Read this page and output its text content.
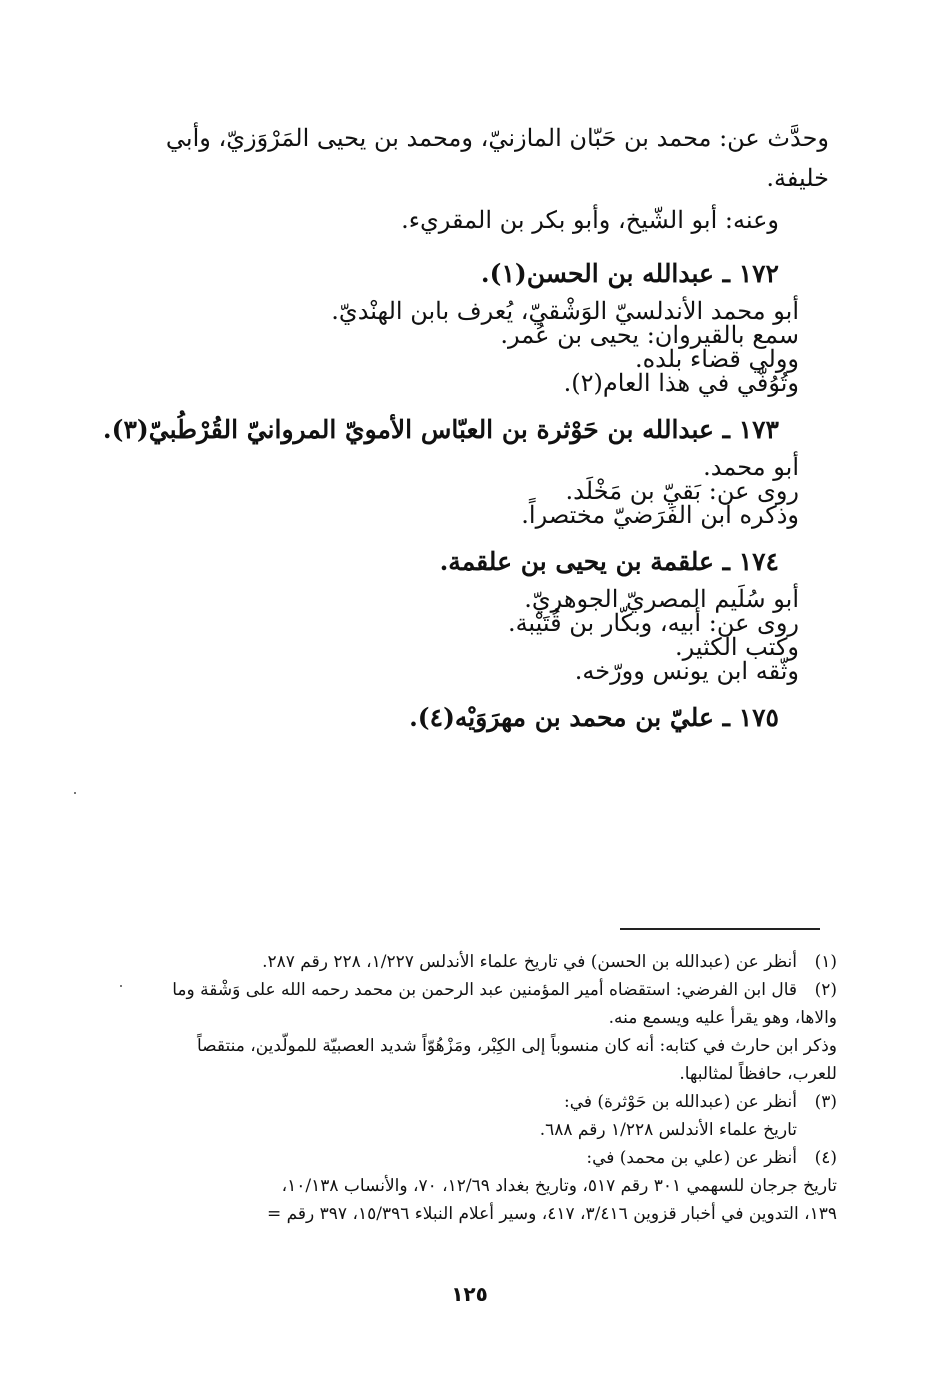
وحدَّث عن: محمد بن حَبّان المازنيّ، ومحمد بن يحيى المَرْوَزيّ، وأبي خليفة.
وعنه: أبو الشّيخ، وأبو بكر بن المقريء.
١٧٢ ـ عبدالله بن الحسن(١).
أبو محمد الأندلسيّ الوَشْقيّ، يُعرف بابن الهنْديّ.
سمع بالقيروان: يحيى بن عُمر.
وولي قضاء بلده.
وتُوُفّي في هذا العام(٢).
١٧٣ ـ عبدالله بن حَوْثرة بن العبّاس الأمويّ المروانيّ القُرْطُبيّ(٣).
أبو محمد.
روى عن: بَقيّ بن مَخْلَد.
وذكره ابن الفَرَضيّ مختصراً.
١٧٤ ـ علقمة بن يحيى بن علقمة.
أبو سُلَيم المصريّ الجوهريّ.
روى عن: أبيه، وبكّار بن قُتَيْبة.
وكتب الكثير.
وثّقه ابن يونس وورّخه.
١٧٥ ـ عليّ بن محمد بن مهرَوَيْه(٤).
(١)
أنظر عن (عبدالله بن الحسن) في تاريخ علماء الأندلس ١/٢٢٧، ٢٢٨ رقم ٢٨٧.
(٢)
قال ابن الفرضي: استقضاه أمير المؤمنين عبد الرحمن بن محمد رحمه الله على وَشْقة وما
والاها، وهو يقرأ عليه ويسمع منه.
وذكر ابن حارث في كتابه: أنه كان منسوباً إلى الكِبْر، ومَزْهُوّاً شديد العصبيّة للمولّدين، منتقصاً
للعرب، حافظاً لمثالبها.
(٣)
أنظر عن (عبدالله بن حَوْثرة) في:
تاريخ علماء الأندلس ١/٢٢٨ رقم ٦٨٨.
(٤)
أنظر عن (علي بن محمد) في:
تاريخ جرجان للسهمي ٣٠١ رقم ٥١٧، وتاريخ بغداد ١٢/٦٩، ٧٠، والأنساب ١٠/١٣٨،
١٣٩، التدوين في أخبار قزوين ٣/٤١٦، ٤١٧، وسير أعلام النبلاء ١٥/٣٩٦، ٣٩٧ رقم =
١٢٥
